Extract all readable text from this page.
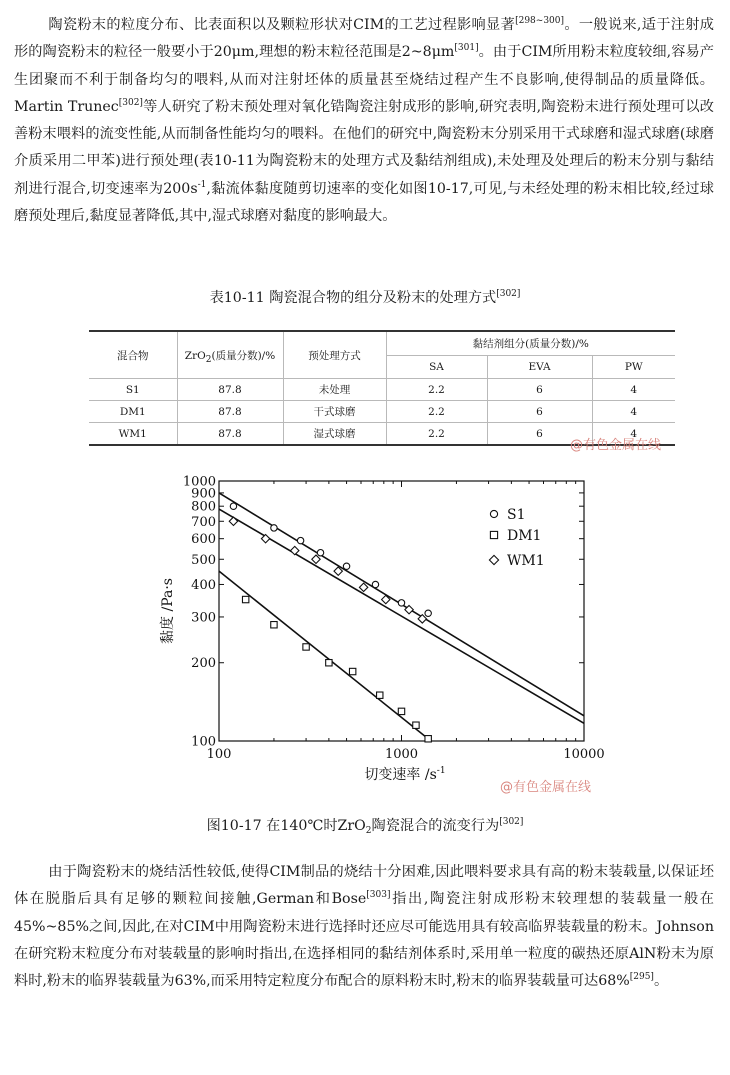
陶瓷粉末的粒度分布、比表面积以及颗粒形状对CIM的工艺过程影响显著[298~300]。一般说来,适于注射成形的陶瓷粉末的粒径一般要小于20μm,理想的粉末粒径范围是2~8μm[301]。由于CIM所用粉末粒度较细,容易产生团聚而不利于制备均匀的喂料,从而对注射坯体的质量甚至烧结过程产生不良影响,使得制品的质量降低。Martin Trunec[302]等人研究了粉末预处理对氧化锆陶瓷注射成形的影响,研究表明,陶瓷粉末进行预处理可以改善粉末喂料的流变性能,从而制备性能均匀的喂料。在他们的研究中,陶瓷粉末分别采用干式球磨和湿式球磨(球磨介质采用二甲苯)进行预处理(表10-11为陶瓷粉末的处理方式及黏结剂组成),未处理及处理后的粉末分别与黏结剂进行混合,切变速率为$200s^{-1}$,黏流体黏度随剪切速率的变化如图10-17,可见,与未经处理的粉末相比较,经过球磨预处理后,黏度显著降低,其中,湿式球磨对黏度的影响最大。

表10-11 陶瓷混合物的组分及粉末的处理方式[302]

混合物	ZrO$_2$(质量分数)/%	预处理方式	黏结剂组分(质量分数)/%		
			SA	EVA	PW
S1	87.8	未处理	2.2	6	4
DM1	87.8	干式球磨	2.2	6	4
WM1	87.8	湿式球磨	2.2	6	4
@有色金属在线
100	1000	10000
100
200
300
400
500
600
700
800
900
1000
切变速率 $/s^{-1}$
黏度 /Pa·s
S1
DM1
WM1
@有色金属在线

图10-17 在140℃时ZrO$_2$陶瓷混合的流变行为[302]

由于陶瓷粉末的烧结活性较低,使得CIM制品的烧结十分困难,因此喂料要求具有高的粉末装载量,以保证坯体在脱脂后具有足够的颗粒间接触,German和Bose[303]指出,陶瓷注射成形粉末较理想的装载量一般在45%~85%之间,因此,在对CIM中用陶瓷粉末进行选择时还应尽可能选用具有较高临界装载量的粉末。Johnson在研究粉末粒度分布对装载量的影响时指出,在选择相同的黏结剂体系时,采用单一粒度的碳热还原AlN粉末为原料时,粉末的临界装载量为63%,而采用特定粒度分布配合的原料粉末时,粉末的临界装载量可达68%[295]。
